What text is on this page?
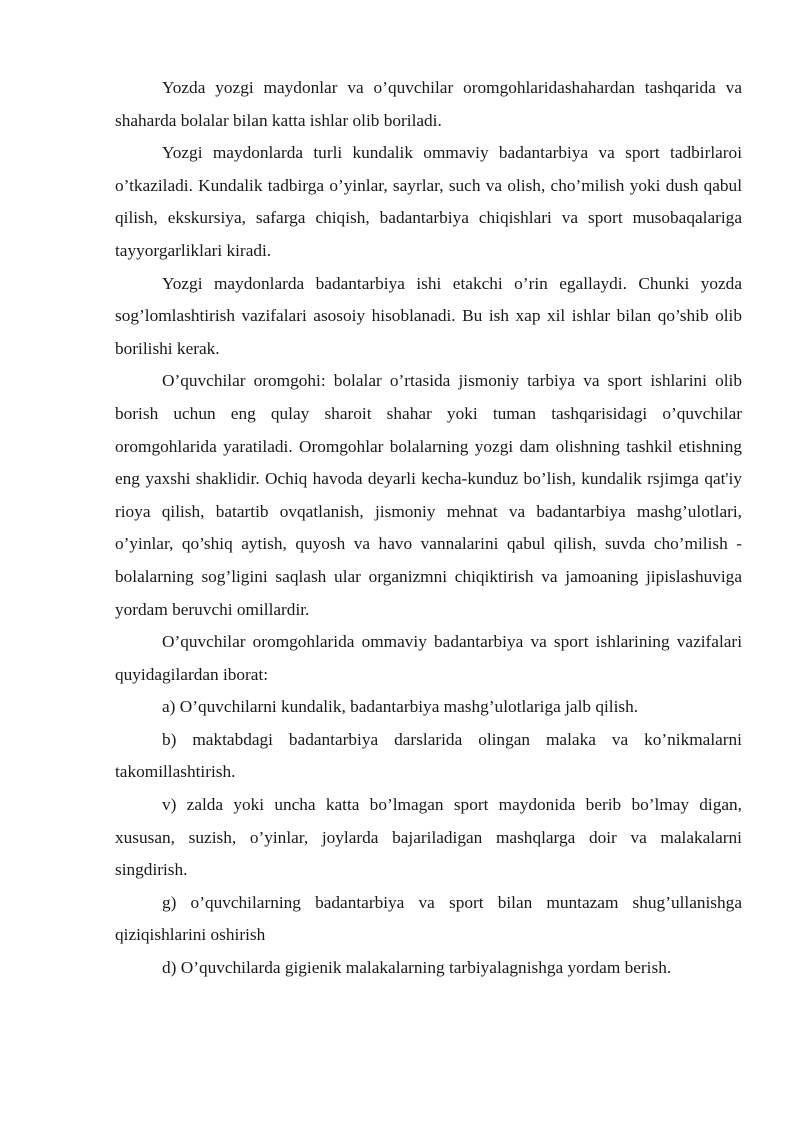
Yozda yozgi maydonlar va o’quvchilar oromgohlaridashahardan tashqarida va shaharda bolalar bilan katta ishlar olib boriladi.

Yozgi maydonlarda turli kundalik ommaviy badantarbiya va sport tadbirlaroi o’tkaziladi. Kundalik tadbirga o’yinlar, sayrlar, such va olish, cho’milish yoki dush qabul qilish, ekskursiya, safarga chiqish, badantarbiya chiqishlari va sport musobaqalariga tayyorgarliklari kiradi.

Yozgi maydonlarda badantarbiya ishi etakchi o’rin egallaydi. Chunki yozda sog’lomlashtirish vazifalari asosoiy hisoblanadi. Bu ish xap xil ishlar bilan qo’shib olib borilishi kerak.

O’quvchilar oromgohi: bolalar o’rtasida jismoniy tarbiya va sport ishlarini olib borish uchun eng qulay sharoit shahar yoki tuman tashqarisidagi o’quvchilar oromgohlarida yaratiladi. Oromgohlar bolalarning yozgi dam olishning tashkil etishning eng yaxshi shaklidir. Ochiq havoda deyarli kecha-kunduz bo’lish, kundalik rsjimga qat'iy rioya qilish, batartib ovqatlanish, jismoniy mehnat va badantarbiya mashg’ulotlari, o’yinlar, qo’shiq aytish, quyosh va havo vannalarini qabul qilish, suvda cho’milish - bolalarning sog’ligini saqlash ular organizmni chiqiktirish va jamoaning jipislashuviga yordam beruvchi omillardir.

O’quvchilar oromgohlarida ommaviy badantarbiya va sport ishlarining vazifalari quyidagilardan iborat:

a) O’quvchilarni kundalik, badantarbiya mashg’ulotlariga jalb qilish.

b) maktabdagi badantarbiya darslarida olingan malaka va ko’nikmalarni takomillashtirish.

v) zalda yoki uncha katta bo’lmagan sport maydonida berib bo’lmay digan, xususan, suzish, o’yinlar, joylarda bajariladigan mashqlarga doir va malakalarni singdirish.

g) o’quvchilarning badantarbiya va sport bilan muntazam shug’ullanishga qiziqishlarini oshirish

d) O’quvchilarda gigienik malakalarning tarbiyalagnishga yordam berish.
